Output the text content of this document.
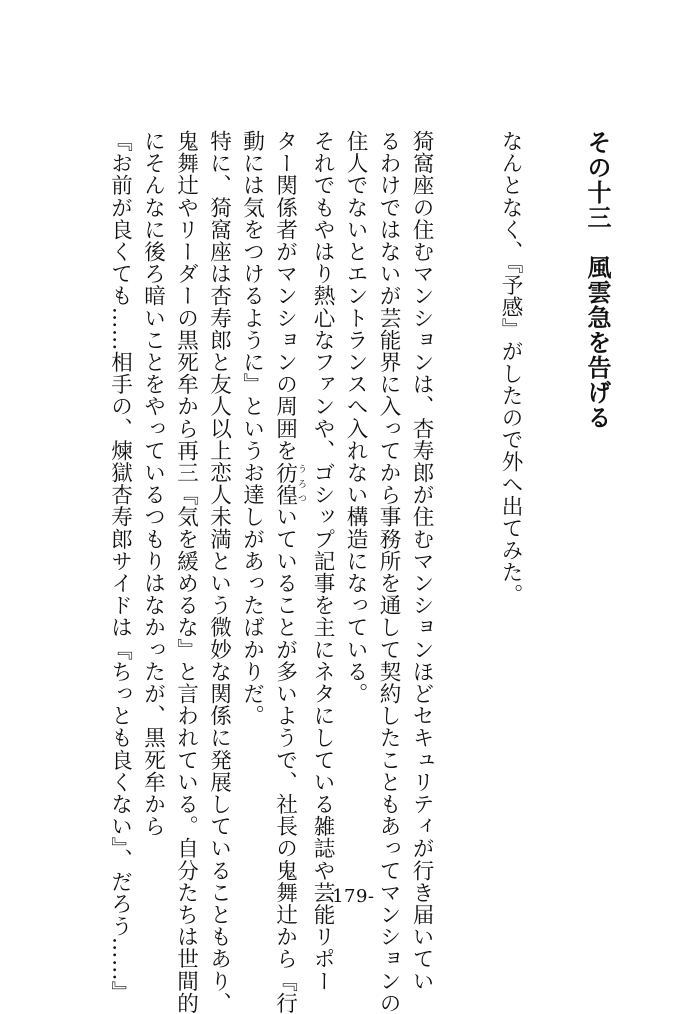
その十三　風雲急を告げる
なんとなく、『予感』がしたので外へ出てみた。
猗窩座の住むマンションは、杏寿郎が住むマンションほどセキュリティが行き届いてい
るわけではないが芸能界に入ってから事務所を通して契約したこともあってマンションの
住人でないとエントランスへ入れない構造になっている。
それでもやはり熱心なファンや、ゴシップ記事を主にネタにしている雑誌や芸能リポー
ター関係者がマンションの周囲を彷徨うろついていることが多いようで、社長の鬼舞辻から『行
動には気をつけるように』というお達しがあったばかりだ。
特に、猗窩座は杏寿郎と友人以上恋人未満という微妙な関係に発展していることもあり、
鬼舞辻やリーダーの黒死牟から再三『気を緩めるな』と言われている。自分たちは世間的
にそんなに後ろ暗いことをやっているつもりはなかったが、黒死牟から
『お前が良くても……相手の、煉獄杏寿郎サイドは『ちっとも良くない』、だろう……』	-179-
